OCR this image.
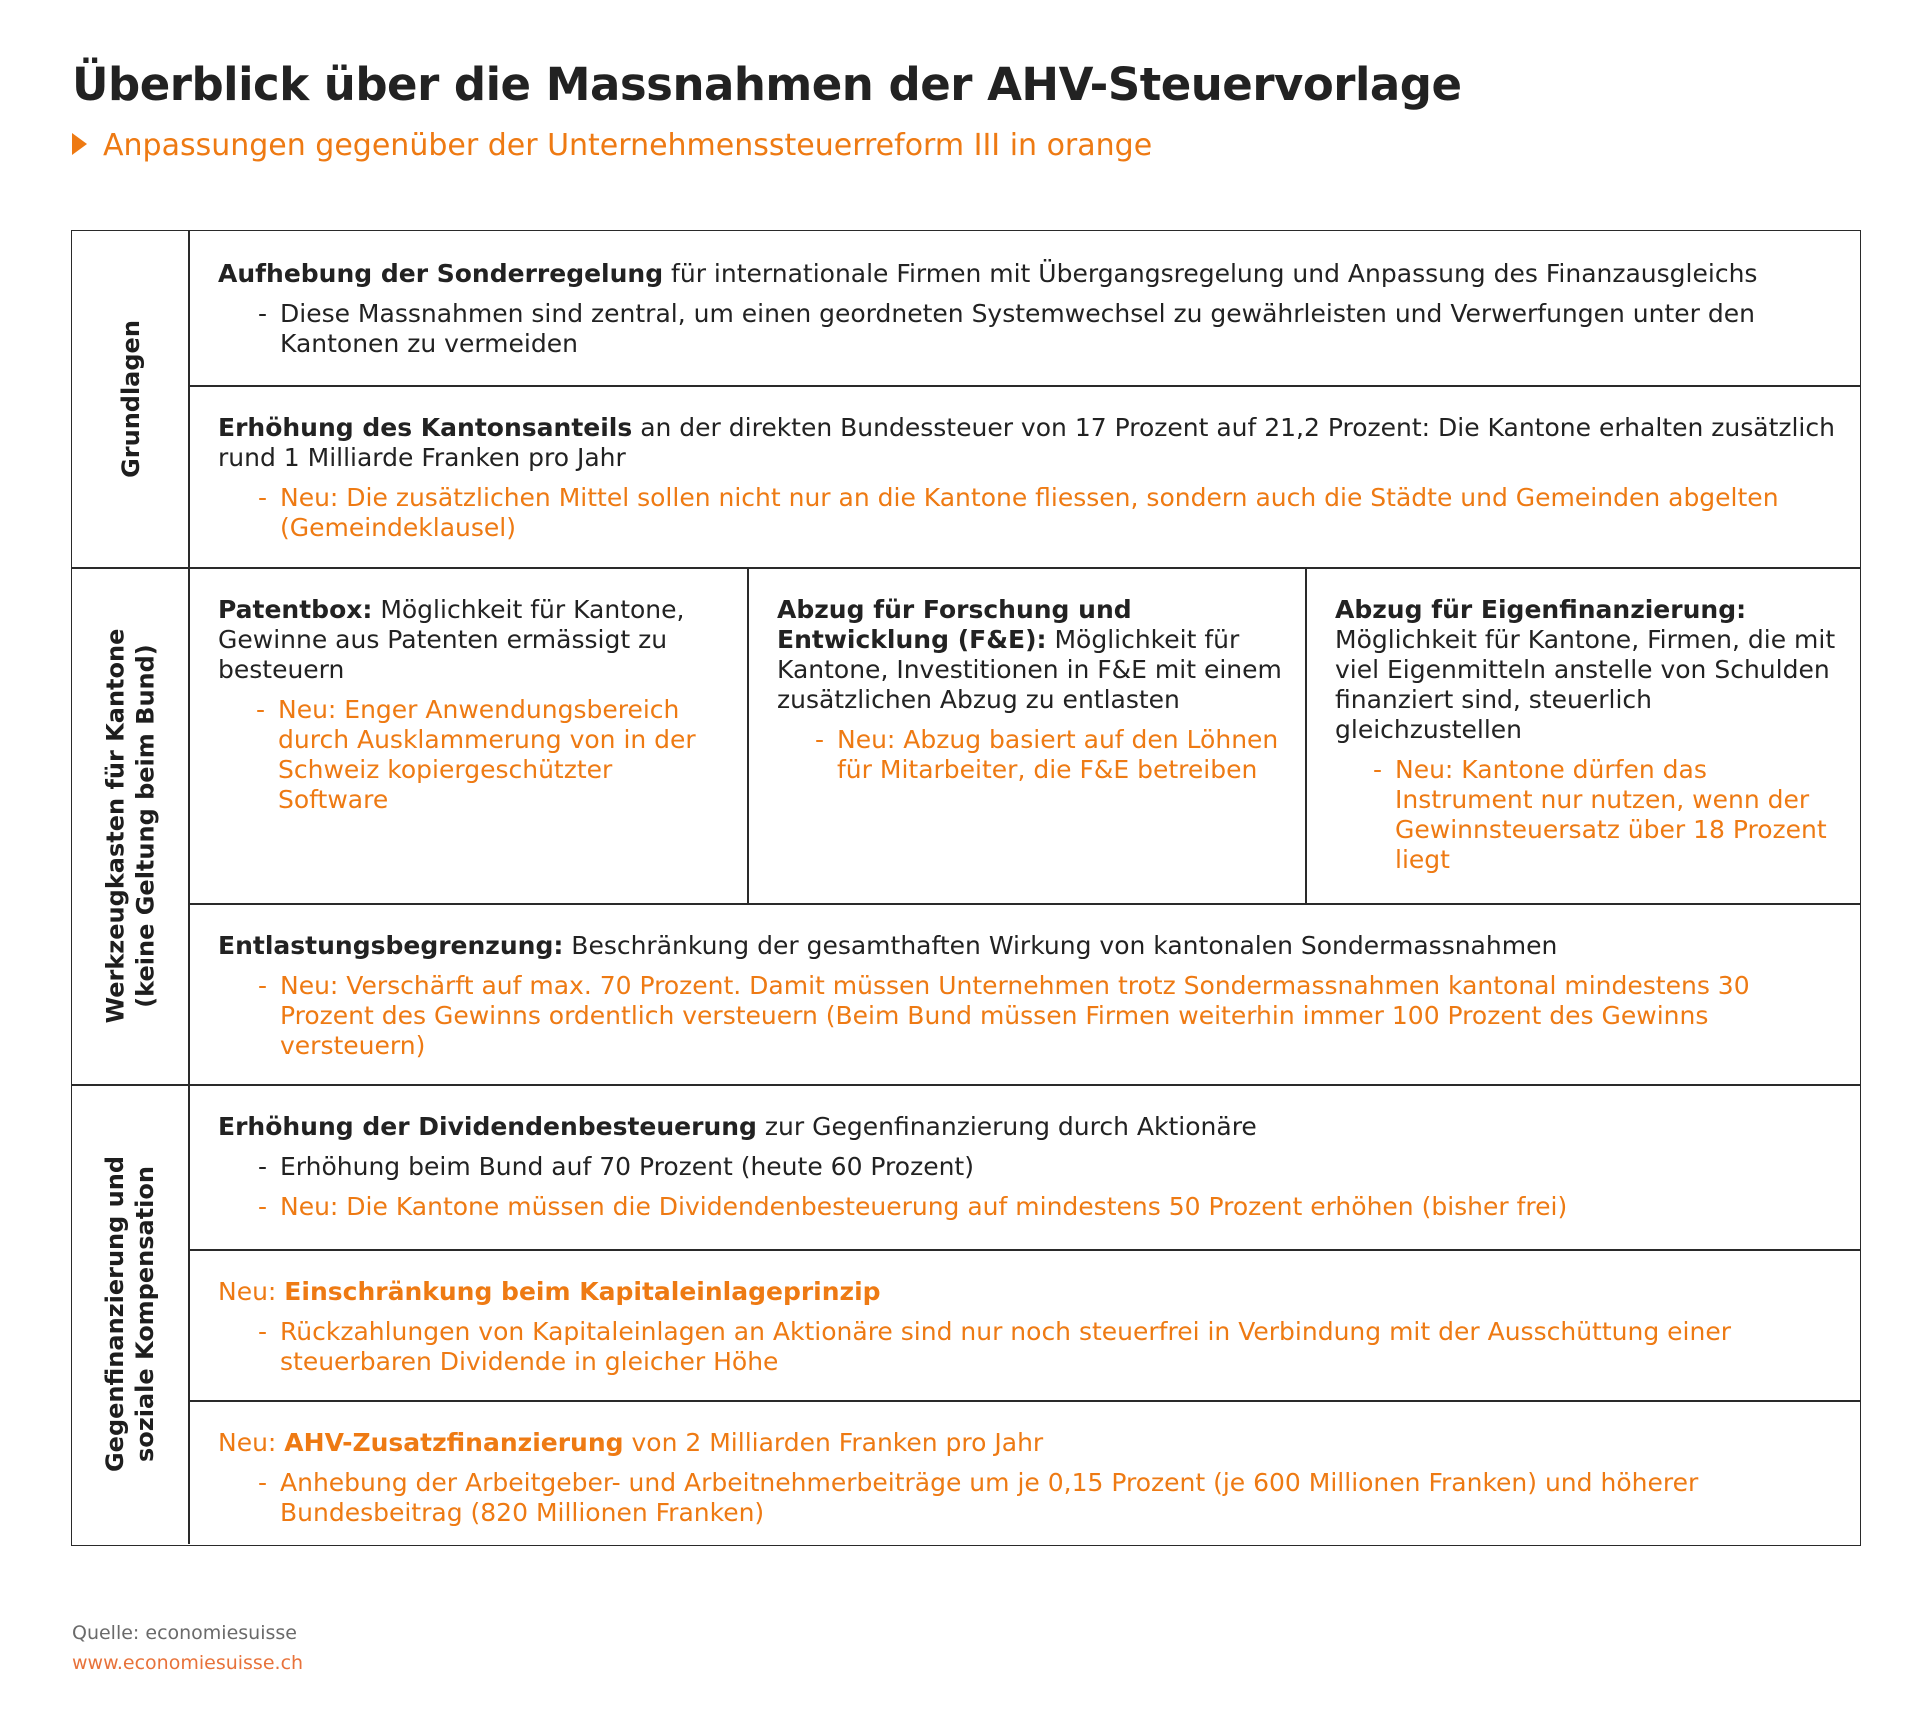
Überblick über die Massnahmen der AHV-Steuervorlage
Anpassungen gegenüber der Unternehmenssteuerreform III in orange
Grundlagen
Werkzeugkasten für Kantone (keine Geltung beim Bund)
Gegenfinanzierung und soziale Kompensation

Aufhebung der Sonderregelung für internationale Firmen mit Übergangsregelung und Anpassung des Finanzausgleichs

- Diese Massnahmen sind zentral, um einen geordneten Systemwechsel zu gewährleisten und Verwerfungen unter den Kantonen zu vermeiden

Erhöhung des Kantonsanteils an der direkten Bundessteuer von 17 Prozent auf 21,2 Prozent: Die Kantone erhalten zusätzlich rund 1 Milliarde Franken pro Jahr

- Neu: Die zusätzlichen Mittel sollen nicht nur an die Kantone fliessen, sondern auch die Städte und Gemeinden abgelten (Gemeindeklausel)

Patentbox: Möglichkeit für Kantone, Gewinne aus Patenten ermässigt zu besteuern

- Neu: Enger Anwendungsbereich durch Ausklammerung von in der Schweiz kopiergeschützter Software

Abzug für Forschung und Entwicklung (F&E): Möglichkeit für Kantone, Investitionen in F&E mit einem zusätzlichen Abzug zu entlasten

- Neu: Abzug basiert auf den Löhnen für Mitarbeiter, die F&E betreiben

Abzug für Eigenfinanzierung: Möglichkeit für Kantone, Firmen, die mit viel Eigenmitteln anstelle von Schulden finanziert sind, steuerlich gleichzustellen

- Neu: Kantone dürfen das Instrument nur nutzen, wenn der Gewinnsteuersatz über 18 Prozent liegt

Entlastungsbegrenzung: Beschränkung der gesamthaften Wirkung von kantonalen Sondermassnahmen

- Neu: Verschärft auf max. 70 Prozent. Damit müssen Unternehmen trotz Sondermassnahmen kantonal mindestens 30 Prozent des Gewinns ordentlich versteuern (Beim Bund müssen Firmen weiterhin immer 100 Prozent des Gewinns versteuern)

Erhöhung der Dividendenbesteuerung zur Gegenfinanzierung durch Aktionäre

- Erhöhung beim Bund auf 70 Prozent (heute 60 Prozent)
- Neu: Die Kantone müssen die Dividendenbesteuerung auf mindestens 50 Prozent erhöhen (bisher frei)

Neu: Einschränkung beim Kapitaleinlageprinzip

- Rückzahlungen von Kapitaleinlagen an Aktionäre sind nur noch steuerfrei in Verbindung mit der Ausschüttung einer steuerbaren Dividende in gleicher Höhe

Neu: AHV-Zusatzfinanzierung von 2 Milliarden Franken pro Jahr

- Anhebung der Arbeitgeber- und Arbeitnehmerbeiträge um je 0,15 Prozent (je 600 Millionen Franken) und höherer Bundesbeitrag (820 Millionen Franken)
Quelle: economiesuisse
www.economiesuisse.ch
